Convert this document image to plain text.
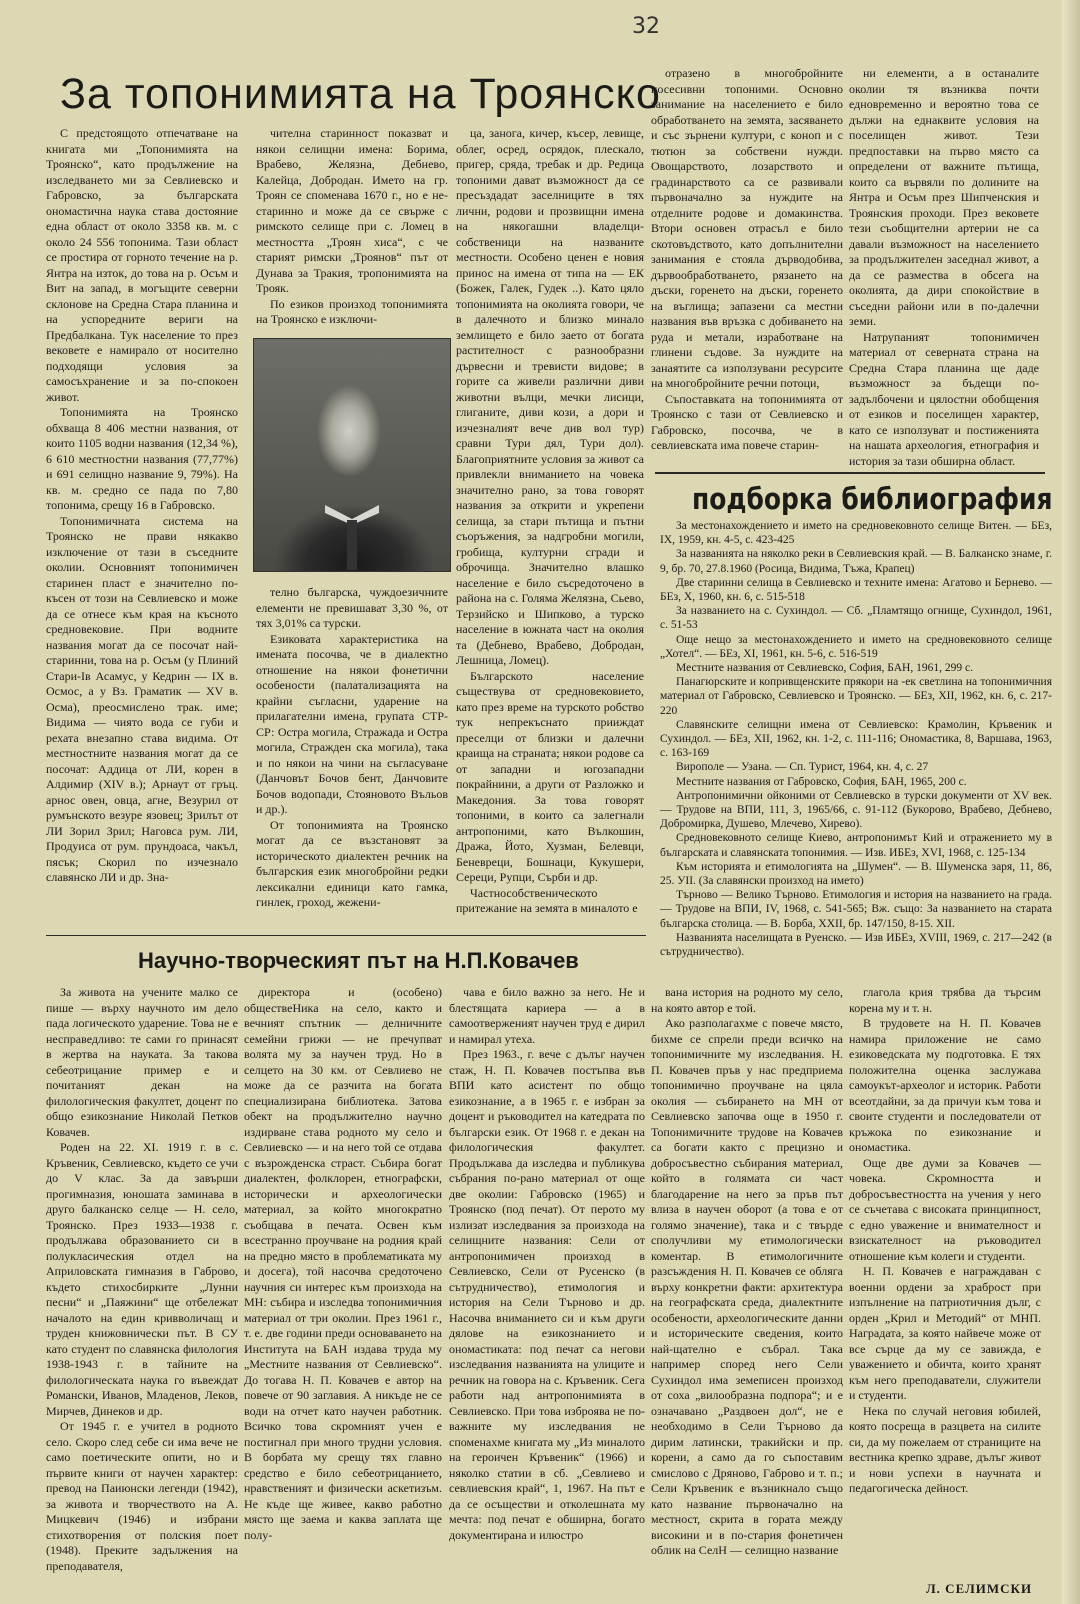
32
За топонимията на Троянско

С предстоящото отпечатване на книгата ми „Топонимията на Троянско“, като продължение на изследването ми за Севлиевско и Габровско, за българската ономастична наука става достояние една област от около 3358 кв. м. с около 24 556 топонима. Тази област се простира от горното течение на р. Янтра на изток, до това на р. Осъм и Вит на запад, в могъщите северни склонове на Средна Стара планина и на успоредните вериги на Предбалкана. Тук население то през вековете е намирало от носително подходящи условия за самосъхранение и за по-спокоен живот.

Топонимията на Троянско обхваща 8 406 местни названия, от които 1105 водни названия (12,34 %), 6 610 местностни названия (77,77%) и 691 селищно название 9, 79%). На кв. м. средно се пада по 7,80 топонима, срещу 16 в Габровско.

Топонимичната система на Троянско не прави някакво изключение от тази в съседните околии. Основният топонимичен старинен пласт е значително по-късен от този на Севлиевско и може да се отнесе към края на късното средновековие. При водните названия могат да се посочат най-старинни, това на р. Осъм (у Плиний Стари-Ів Асамус, у Кедрин — ІХ в. Осмос, а у Вз. Граматик — ХV в. Осма), преосмислено трак. име; Видима — чиято вода се губи и рехата внезапно става видима. От местностните названия могат да се посочат: Аддица от ЛИ, корен в Алдимир (ХІV в.); Арнаут от гръц. арнос овен, овца, агне, Везурил от румънското везуре язовец; Зрилът от ЛИ Зорил Зрил; Наговса рум. ЛИ, Продуиса от рум. прундоаса, чакъл, пясък; Скорил по изчезнало славянско ЛИ и др. Зна-

чителна старинност показват и някои селищни имена: Борима, Врабево, Желязна, Дебнево, Калейца, Добродан. Името на гр. Троян се споменава 1670 г., но е не-старинно и може да се свърже с римското селище при с. Ломец в местността „Троян хиса“, с че старият римски „Троянов“ път от Дунава за Тракия, тропонимията на Трояк.

По езиков произход топонимията на Троянско е изключи-

телно българска, чуждоезичните елементи не превишават 3,30 %, от тях 3,01% са турски.

Езиковата характеристика на имената посочва, че в диалектно отношение на някои фонетични особености (палатализацията на крайни съгласни, ударение на прилагателни имена, групата СТР-СР: Остра могила, Стражада и Остра могила, Стражден ска могила), така и по някои на чини на съгласуване (Данчовът Бочов бент, Данчовите Бочов водопади, Стояновото Въльов и др.).

От топонимията на Троянско могат да се възстановят за историческото диалектен речник на българския език многобройни редки лексикални единици като гамка, гинлек, гроход, жежени-

ца, занога, кичер, късер, левище, облег, осред, осрядок, плескало, пригер, сряда, требак и др. Редица топоними дават възможност да се пресъздадат заселниците в тях лични, родови и прозвищни имена на някогашни владелци-собственици на названите местности. Особено ценен е новия принос на имена от типа на — ЕК (Божек, Галек, Гудек ..). Като цяло топонимията на околията говори, че в далечното и близко минало землището е било заето от богата растителност с разнообразни дървесни и тревисти видове; в горите са живели различни диви животни вълци, мечки лисици, глиганите, диви кози, а дори и изчезналият вече див вол тур) сравни Тури дял, Тури дол). Благоприятните условия за живот са привлекли вниманието на човека значително рано, за това говорят названия за открити и укрепени селища, за стари пътища и пътни съоръжения, за надгробни могили, гробища, културни сгради и оброчища. Значително влашко население е било съсредоточено в района на с. Голяма Желязна, Сьево, Терзийско и Шипково, а турско население в южната част на околия та (Дебнево, Врабево, Добродан, Лешница, Ломец).

Българското население съществува от средновековието, като през време на турското робство тук непрекъснато прииждат преселци от близки и далечни краища на страната; някои родове са от западни и югозападни покрайнини, а други от Разложко и Македония. За това говорят топоними, в които са залегнали антропоними, като Вълкошин, Дража, Йото, Хузман, Белевци, Беневреци, Бошнаци, Кукушери, Сереци, Рупци, Сърби и др.

Частнособственическото притежание на земята в миналото е

отразено в многобройните посесивни топоними. Основно занимание на населението е било обработването на земята, засяването и със зърнени култури, с коноп и с тютюн за собствени нужди. Овощарството, лозарството и градинарството са се развивали първоначално за нуждите на отделните родове и домакинства. Втори основен отрасъл е било скотовъдството, като допълнителни занимания е стояла дърводобива, дървообработването, рязането на дъски, горенето на дъски, горенето на въглища; запазени са местни названия във връзка с добиването на руда и метали, изработване на глинени съдове. За нуждите на занаятите са използувани ресурсите на многобройните речни потоци,

Съпоставката на топонимията от Троянско с тази от Севлиевско и Габровско, посочва, че в севлиевската има повече старин-

ни елементи, а в останалите околии тя възниква почти едновременно и вероятно това се дължи на еднаквите условия на поселищен живот. Тези предпоставки на първо място са определени от важните пътища, които са вървяли по долините на Янтра и Осъм през Шипченския и Троянския проходи. През вековете тези съобщителни артерии не са давали възможност на населението за продължителен заседнал живот, а да се размества в обсега на околията, да дири спокойствие в съседни райони или в по-далечни земи.

Натрупаният топонимичен материал от северната страна на Средна Стара планина ще даде възможност за бъдещи по-задълбочени и цялостни обобщения от езиков и поселищен характер, като се използуват и постиженията на нашата археология, етнография и история за тази обширна област.

подборка библиография

За местонахождението и името на средновековното селище Витен. — БЕз, IX, 1959, кн. 4-5, с. 423-425

За названията на няколко реки в Севлиевския край. — В. Балканско знаме, г. 9, бр. 70, 27.8.1960 (Росица, Видима, Тъжа, Крапец)

Две старинни селища в Севлиевско и техните имена: Агатово и Бернево. — БЕз, X, 1960, кн. 6, с. 515-518

За названието на с. Сухиндол. — Сб. „Пламтящо огнище, Сухиндол, 1961, с. 51-53

Още нещо за местонахождението и името на средновековното селище „Хотел“. — БЕз, XI, 1961, кн. 5-6, с. 516-519

Местните названия от Севлиевско, София, БАН, 1961, 299 с.

Панагюрските и копривщенските прякори на -ек светлина на топонимичния материал от Габровско, Севлиевско и Троянско. — БЕз, XII, 1962, кн. 6, с. 217-220

Славянските селищни имена от Севлиевско: Крамолин, Кръвеник и Сухиндол. — БЕз, XII, 1962, кн. 1-2, с. 111-116; Ономастика, 8, Варшава, 1963, с. 163-169

Вирополе — Узана. — Сп. Турист, 1964, кн. 4, с. 27

Местните названия от Габровско, София, БАН, 1965, 200 с.

Антропонимични ойконими от Севлиевско в турски документи от XV век. — Трудове на ВПИ, 111, 3, 1965/66, с. 91-112 (Букорово, Врабево, Дебнево, Добромирка, Душево, Млечево, Хирево).

Средновековното селище Киево, антропонимът Кий и отражението му в българската и славянската топонимия. — Изв. ИБЕз, XVI, 1968, с. 125-134

Към историята и етимологията на „Шумен“. — В. Шуменска заря, 11, 86, 25. УІІ. (За славянски произход на името)

Търново — Велико Търново. Етимология и история на названието на града. — Трудове на ВПИ, IV, 1968, с. 541-565; Вж. също: За названието на старата българска столица. — В. Борба, XXII, бр. 147/150, 8-15. XII.

Названията населищата в Руенско. — Изв ИБЕз, XVIII, 1969, с. 217—242 (в сътрудничество).

Научно-творческият път на Н.П.Ковачев

За живота на учените малко се пише — върху научното им дело пада логическото ударение. Това не е несправедливо: те сами го принасят в жертва на науката. За такова себеотрицание пример е и почитаният декан на филологическия факултет, доцент по общо езикознание Николай Петков Ковачев.

Роден на 22. XI. 1919 г. в с. Кръвеник, Севлиевско, където се учи до V клас. За да завърши прогимназия, юношата заминава в друго балканско селце — Н. село, Троянско. През 1933—1938 г. продължава образованието си в полукласическия отдел на Априловската гимназия в Габрово, където стихосбирките „Лунни песни“ и „Паяжини“ ще отбележат началото на един кривволичащ и труден книжовнически път. В СУ като студент по славянска филология 1938-1943 г. в тайните на филологическата наука го въвеждат Романски, Иванов, Младенов, Леков, Мирчев, Динеков и др.

От 1945 г. е учител в родното село. Скоро след себе си има вече не само поетическите опити, но и първите книги от научен характер: превод на Паиюнски легенди (1942), за живота и творчеството на А. Мицкевич (1946) и избрани стихотворения от полския поет (1948). Преките задължения на преподавателя,

директора и (особено) обществеНика на село, както и вечният спътник — делничните семейни грижи — не пречупват волята му за научен труд. Но в селцето на 30 км. от Севлиево не може да се разчита на богата специализирана библиотека. Затова обект на продължително научно издирване става родното му село и Севлиевско — и на него той се отдава с възрожденска страст. Събира богат диалектен, фолклорен, етнографски, исторически и археологически материал, за който многократно съобщава в печата. Освен към всестранно проучване на родния край на предно място в проблематиката му и досега), той насочва средоточено научния си интерес към произхода на МН: събира и изследва топонимичния материал от три околии. През 1961 г., т. е. две години преди основаването на Института на БАН издава труда му „Местните названия от Севлиевско“. До тогава Н. П. Ковачев е автор на повече от 90 заглавия. А никъде не се води на отчет като научен работник. Всичко това скромният учен е постигнал при много трудни условия. В борбата му срещу тях главно средство е било себеотрицанието, нравственият и физически аскетизъм. Не къде ще живее, какво работно място ще заема и каква заплата ще полу-

чава е било важно за него. Не и блестящата кариера — а в самоотверженият научен труд е дирил и намирал утеха.

През 1963., г. вече с дълъг научен стаж, Н. П. Ковачев постъпва във ВПИ като асистент по общо езикознание, а в 1965 г. е избран за доцент и ръководител на катедрата по български език. От 1968 г. е декан на филологическия факултет. Продължава да изследва и публикува събрания по-рано материал от още две околии: Габровско (1965) и Троянско (под печат). От перото му излизат изследвания за произхода на селищните названия: Сели от антропонимичен произход в Севлиевско, Сели от Русенско (в сътрудничество), етимология и история на Сели Търново и др. Насочва вниманието си и към други дялове на езикознанието и ономастиката: под печат са негови изследвания названията на улиците и речник на говора на с. Кръвеник. Сега работи над антропонимията в Севлиевско. При това изброява не по-важните му изследвания не споменахме книгата му „Из миналото на героичен Кръвеник“ (1966) и няколко статии в сб. „Севлиево и севлиевския край“, 1, 1967. На път е да се осъществи и отколешната му мечта: под печат е обширна, богато документирана и илюстро

вана история на родното му село, на която автор е той.

Ако разполагахме с повече място, бихме се спрели преди всичко на топонимичните му изследвания. Н. П. Ковачев пръв у нас предприема топонимично проучване на цяла околия — събирането на МН от Севлиевско започва още в 1950 г. Топонимичните трудове на Ковачев са богати както с прецизно и добросъвестно събирания материал, който в голямата си част благодарение на него за пръв път влиза в научен оборот (а това е от голямо значение), така и с твърде сполучливи му етимологически коментар. В етимологичните разсъждения Н. П. Ковачев се обляга върху конкретни факти: архитектура на географската среда, диалектните особености, археологическите данни и историческите сведения, които най-щателно е събрал. Така например според него Сели Сухиндол има земеписен произход от соха „вилообразна подпора“; и е означавано „Раздвоен дол“, не е необходимо в Сели Търново да дирим латински, тракийски и пр. корени, а само да го съпоставим смислово с Дряново, Габрово и т. п.; Сели Кръвеник е възникнало също като название първоначално на местност, скрита в гората между високини и в по-стария фонетичен облик на СелН — селищно название

глагола крия трябва да търсим корена му и т. н.

В трудовете на Н. П. Ковачев намира приложение не само езиковедската му подготовка. Е тях положителна оценка заслужава самоукът-археолог и историк. Работи всеотдайни, за да причуи към това и своите студенти и последователи от кръжока по езикознание и ономастика.

Още две думи за Ковачев — човека. Скромността и добросъвестността на учения у него се съчетава с високата принципност, с едно уважение и внимателност и взискателност на ръководител отношение към колеги и студенти.

Н. П. Ковачев е награждаван с военни ордени за храброст при изпълнение на патриотичния дълг, с орден „Крил и Методий“ от МНП. Наградата, за която найвече може от все сърце да му се завижда, е уважението и обичта, които хранят към него преподаватели, служители и студенти.

Нека по случай неговия юбилей, която посреща в разцвета на силите си, да му пожелаем от страниците на вестника крепко здраве, дълъг живот и нови успехи в научната и педагогическа дейност.

Л. СЕЛИМСКИ
